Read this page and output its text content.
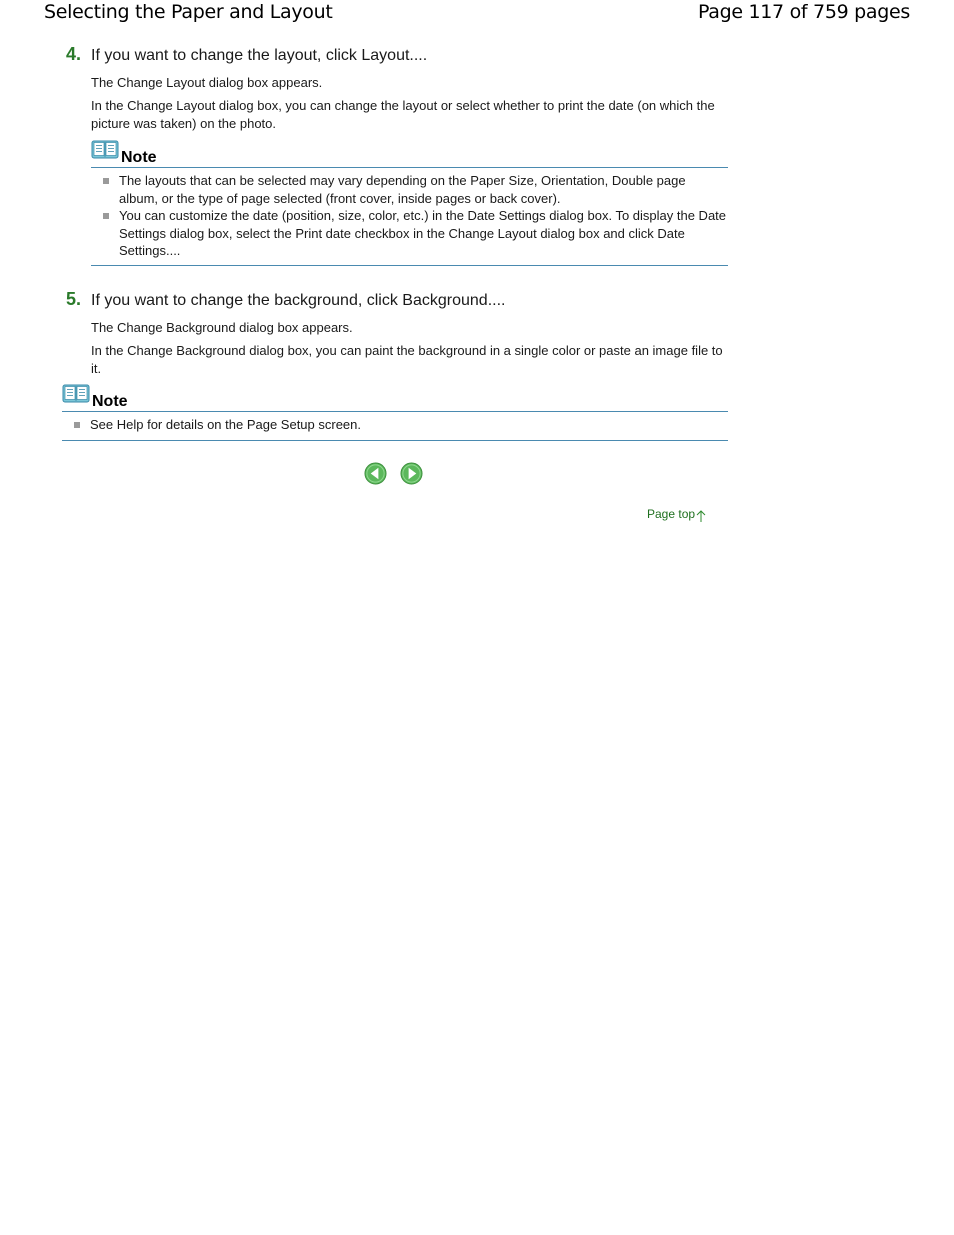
Selecting the Paper and Layout	Page 117 of 759 pages
4. If you want to change the layout, click Layout....
The Change Layout dialog box appears.
In the Change Layout dialog box, you can change the layout or select whether to print the date (on which the picture was taken) on the photo.
Note
The layouts that can be selected may vary depending on the Paper Size, Orientation, Double page album, or the type of page selected (front cover, inside pages or back cover).
You can customize the date (position, size, color, etc.) in the Date Settings dialog box. To display the Date Settings dialog box, select the Print date checkbox in the Change Layout dialog box and click Date Settings....
5. If you want to change the background, click Background....
The Change Background dialog box appears.
In the Change Background dialog box, you can paint the background in a single color or paste an image file to it.
Note
See Help for details on the Page Setup screen.
Page top
